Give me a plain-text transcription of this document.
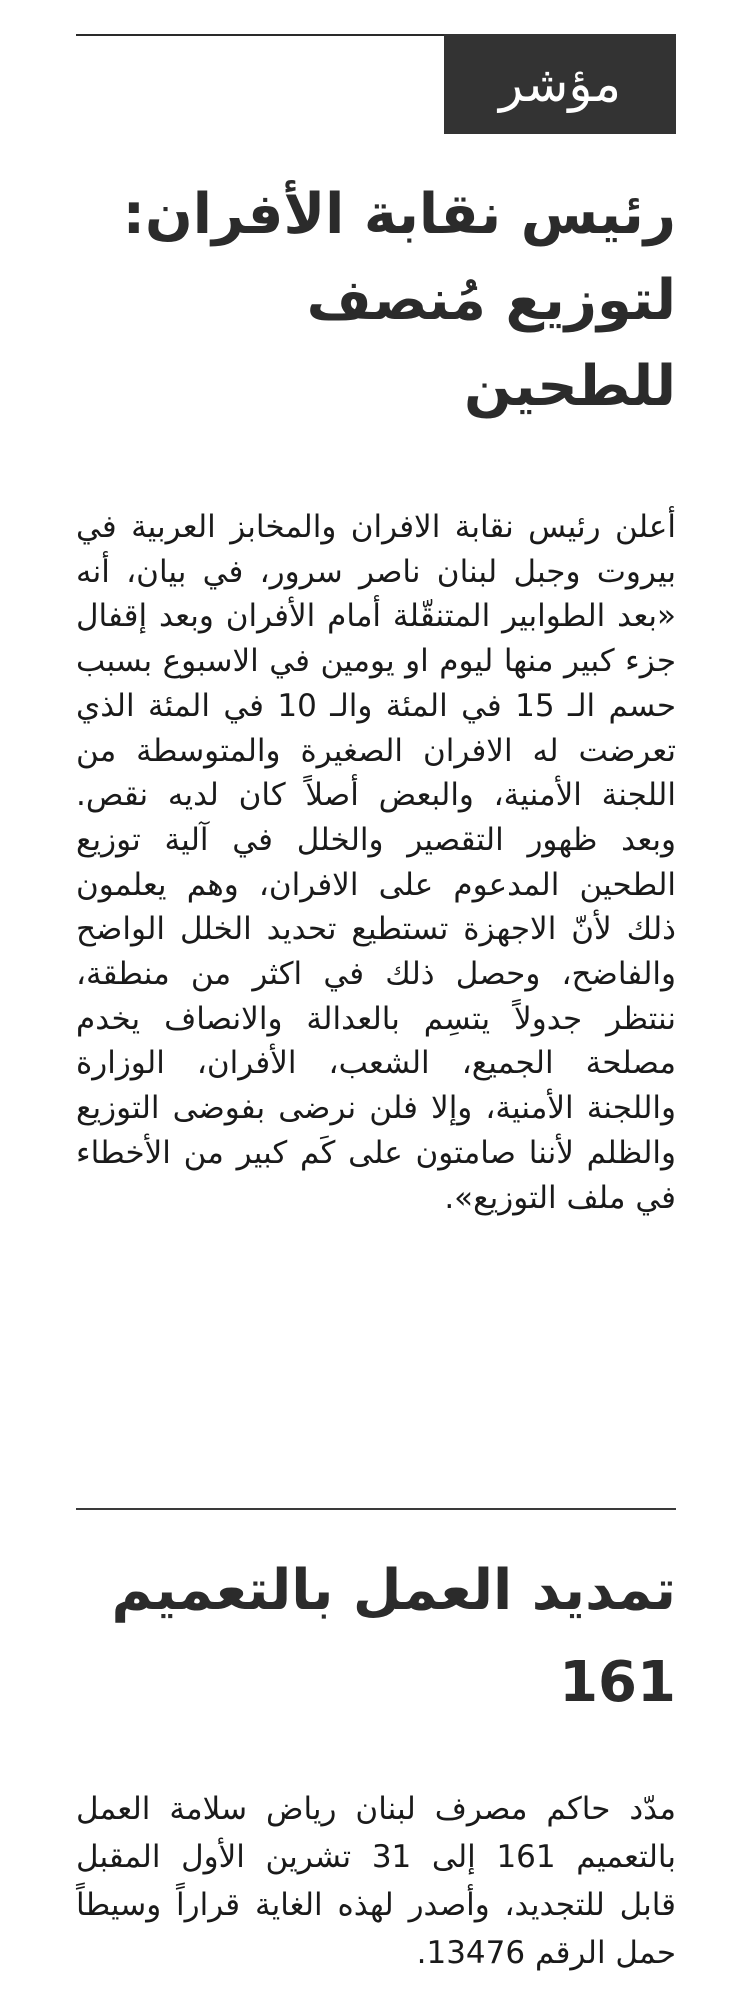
مؤشر
رئيس نقابة الأفران: لتوزيع مُنصف للطحين

أعلن رئيس نقابة الافران والمخابز العربية في بيروت وجبل لبنان ناصر سرور، في بيان، أنه «بعد الطوابير المتنقّلة أمام الأفران وبعد إقفال جزء كبير منها ليوم او يومين في الاسبوع بسبب حسم الـ 15 في المئة والـ 10 في المئة الذي تعرضت له الافران الصغيرة والمتوسطة من اللجنة الأمنية، والبعض أصلاً كان لديه نقص. وبعد ظهور التقصير والخلل في آلية توزيع الطحين المدعوم على الافران، وهم يعلمون ذلك لأنّ الاجهزة تستطيع تحديد الخلل الواضح والفاضح، وحصل ذلك في اكثر من منطقة، ننتظر جدولاً يتسِم بالعدالة والانصاف يخدم مصلحة الجميع، الشعب، الأفران، الوزارة واللجنة الأمنية، وإلا فلن نرضى بفوضى التوزيع والظلم لأننا صامتون على كَم كبير من الأخطاء في ملف التوزيع».

تمديد العمل بالتعميم 161

مدّد حاكم مصرف لبنان رياض سلامة العمل بالتعميم 161 إلى 31 تشرين الأول المقبل قابل للتجديد، وأصدر لهذه الغاية قراراً وسيطاً حمل الرقم 13476.
